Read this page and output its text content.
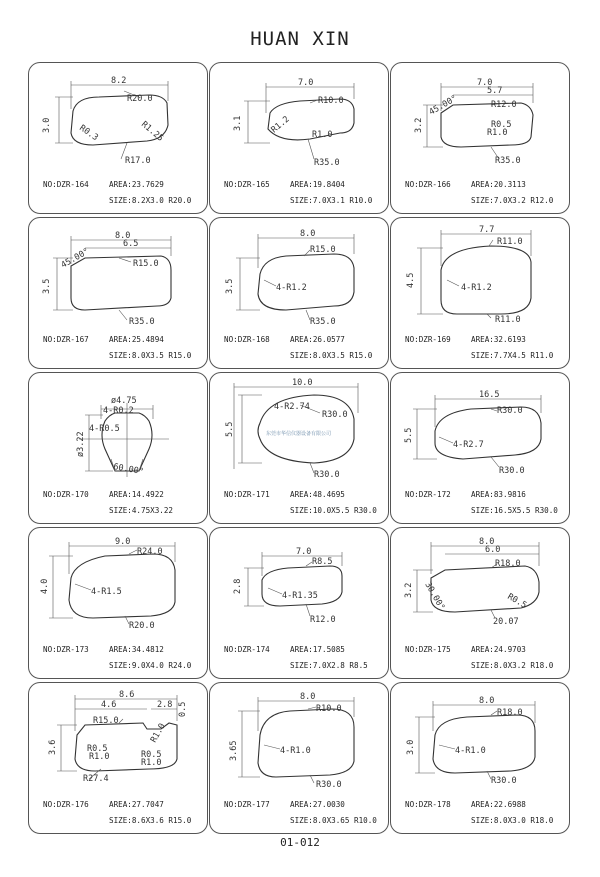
HUAN XIN
8.2
R20.0
3.0	R0.3	R1.25
R17.0
NO:DZR-164	AREA:23.7629
SIZE:8.2X3.0 R20.0
7.0
R10.0
3.1	R1.2 R1.0
R35.0
NO:DZR-165	AREA:19.8404
SIZE:7.0X3.1 R10.0
7.0
5.7
R12.0
3.2
45.00°
R0.5
R1.0
R35.0
NO:DZR-166	AREA:20.3113
SIZE:7.0X3.2 R12.0
8.0
6.5
3.5
45.00°	R15.0
R35.0
NO:DZR-167	AREA:25.4894
SIZE:8.0X3.5 R15.0
8.0
R15.0
3.5	4-R1.2
R35.0
NO:DZR-168	AREA:26.0577
SIZE:8.0X3.5 R15.0
7.7
R11.0
4.5	4-R1.2
R11.0
NO:DZR-169	AREA:32.6193
SIZE:7.7X4.5 R11.0
ø4.75
4-R0.2
4-R0.5
ø3.22
60.00°
NO:DZR-170	AREA:14.4922
SIZE:4.75X3.22
10.0
4-R2.74
R30.0
5.5
R30.0
东莞市华信仪器设备有限公司
NO:DZR-171	AREA:48.4695
SIZE:10.0X5.5 R30.0
16.5
R30.0
5.5
4-R2.7
R30.0
NO:DZR-172	AREA:83.9816
SIZE:16.5X5.5 R30.0
9.0
R24.0
4.0	4-R1.5
R20.0
NO:DZR-173	AREA:34.4812
SIZE:9.0X4.0 R24.0
7.0
R8.5
2.8
4-R1.35
R12.0
NO:DZR-174	AREA:17.5085
SIZE:7.0X2.8 R8.5
8.0
6.0
R18.0
3.2 30.00°	R0.5
20.07
NO:DZR-175	AREA:24.9703
SIZE:8.0X3.2 R18.0
8.6
4.6	2.8 0.5
R15.0
R1.0
3.6	R0.5
R1.0	R0.5
R1.0
R27.4
NO:DZR-176	AREA:27.7047
SIZE:8.6X3.6 R15.0
8.0
R10.0
3.65	4-R1.0
R30.0
NO:DZR-177	AREA:27.0030
SIZE:8.0X3.65 R10.0
8.0
R18.0
3.0	4-R1.0
R30.0
NO:DZR-178	AREA:22.6988
SIZE:8.0X3.0 R18.0
01-012
